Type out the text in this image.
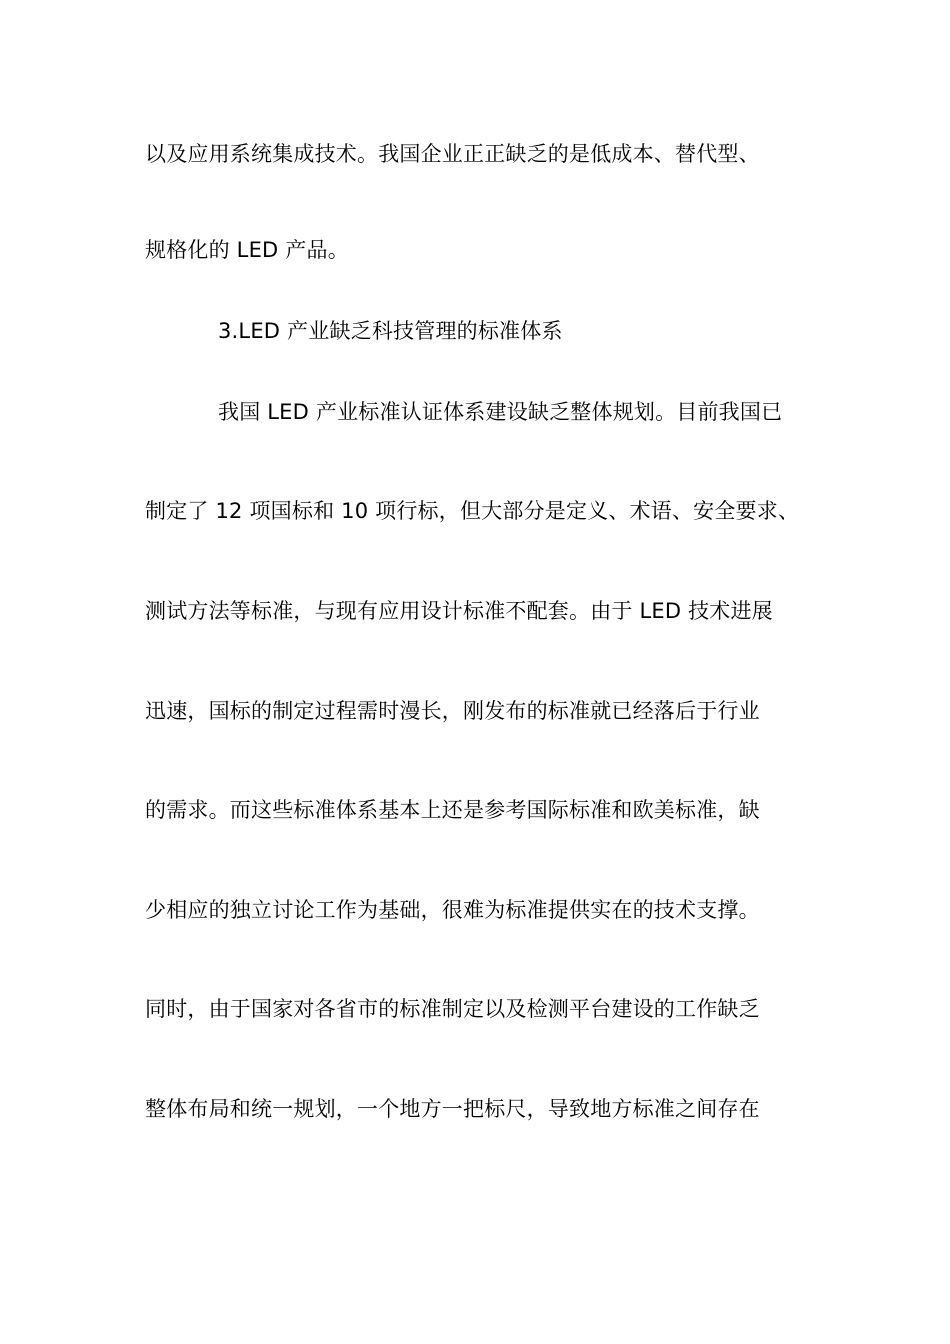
以及应用系统集成技术。我国企业正正缺乏的是低成本、替代型、
规格化的 LED 产品。
3.LED 产业缺乏科技管理的标准体系
我国 LED 产业标准认证体系建设缺乏整体规划。目前我国已
制定了 12 项国标和 10 项行标，但大部分是定义、术语、安全要求、
测试方法等标准，与现有应用设计标准不配套。由于 LED 技术进展
迅速，国标的制定过程需时漫长，刚发布的标准就已经落后于行业
的需求。而这些标准体系基本上还是参考国际标准和欧美标准，缺
少相应的独立讨论工作为基础，很难为标准提供实在的技术支撑。
同时，由于国家对各省市的标准制定以及检测平台建设的工作缺乏
整体布局和统一规划，一个地方一把标尺，导致地方标准之间存在
